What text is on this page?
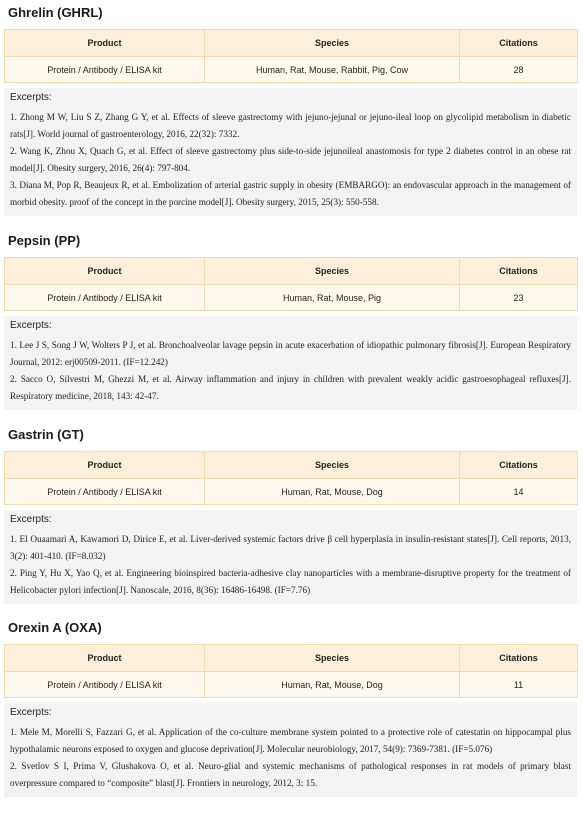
Ghrelin (GHRL)
Product	Species	Citations
Protein / Antibody / ELISA kit	Human, Rat, Mouse, Rabbit, Pig, Cow	28
Excerpts:

1. Zhong M W, Liu S Z, Zhang G Y, et al. Effects of sleeve gastrectomy with jejuno-jejunal or jejuno-ileal loop on glycolipid metabolism in diabetic rats[J]. World journal of gastroenterology, 2016, 22(32): 7332.

2. Wang K, Zhou X, Quach G, et al. Effect of sleeve gastrectomy plus side-to-side jejunoileal anastomosis for type 2 diabetes control in an obese rat model[J]. Obesity surgery, 2016, 26(4): 797-804.

3. Diana M, Pop R, Beaujeux R, et al. Embolization of arterial gastric supply in obesity (EMBARGO): an endovascular approach in the management of morbid obesity. proof of the concept in the porcine model[J]. Obesity surgery, 2015, 25(3): 550-558.

Pepsin (PP)
Product	Species	Citations
Protein / Antibody / ELISA kit	Human, Rat, Mouse, Pig	23
Excerpts:

1. Lee J S, Song J W, Wolters P J, et al. Bronchoalveolar lavage pepsin in acute exacerbation of idiopathic pulmonary fibrosis[J]. European Respiratory Journal, 2012: erj00509-2011. (IF=12.242)

2. Sacco O, Silvestri M, Ghezzi M, et al. Airway inflammation and injury in children with prevalent weakly acidic gastroesophageal refluxes[J]. Respiratory medicine, 2018, 143: 42-47.

Gastrin (GT)
Product	Species	Citations
Protein / Antibody / ELISA kit	Human, Rat, Mouse, Dog	14
Excerpts:

1. El Ouaamari A, Kawamori D, Dirice E, et al. Liver-derived systemic factors drive β cell hyperplasia in insulin-resistant states[J]. Cell reports, 2013, 3(2): 401-410. (IF=8.032)

2. Ping Y, Hu X, Yao Q, et al. Engineering bioinspired bacteria-adhesive clay nanoparticles with a membrane-disruptive property for the treatment of Helicobacter pylori infection[J]. Nanoscale, 2016, 8(36): 16486-16498. (IF=7.76)

Orexin A (OXA)
Product	Species	Citations
Protein / Antibody / ELISA kit	Human, Rat, Mouse, Dog	11
Excerpts:

1. Mele M, Morelli S, Fazzari G, et al. Application of the co-culture membrane system pointed to a protective role of catestatin on hippocampal plus hypothalamic neurons exposed to oxygen and glucose deprivation[J]. Molecular neurobiology, 2017, 54(9): 7369-7381. (IF=5.076)

2. Svetlov S I, Prima V, Glushakova O, et al. Neuro-glial and systemic mechanisms of pathological responses in rat models of primary blast overpressure compared to “composite” blast[J]. Frontiers in neurology, 2012, 3: 15.
